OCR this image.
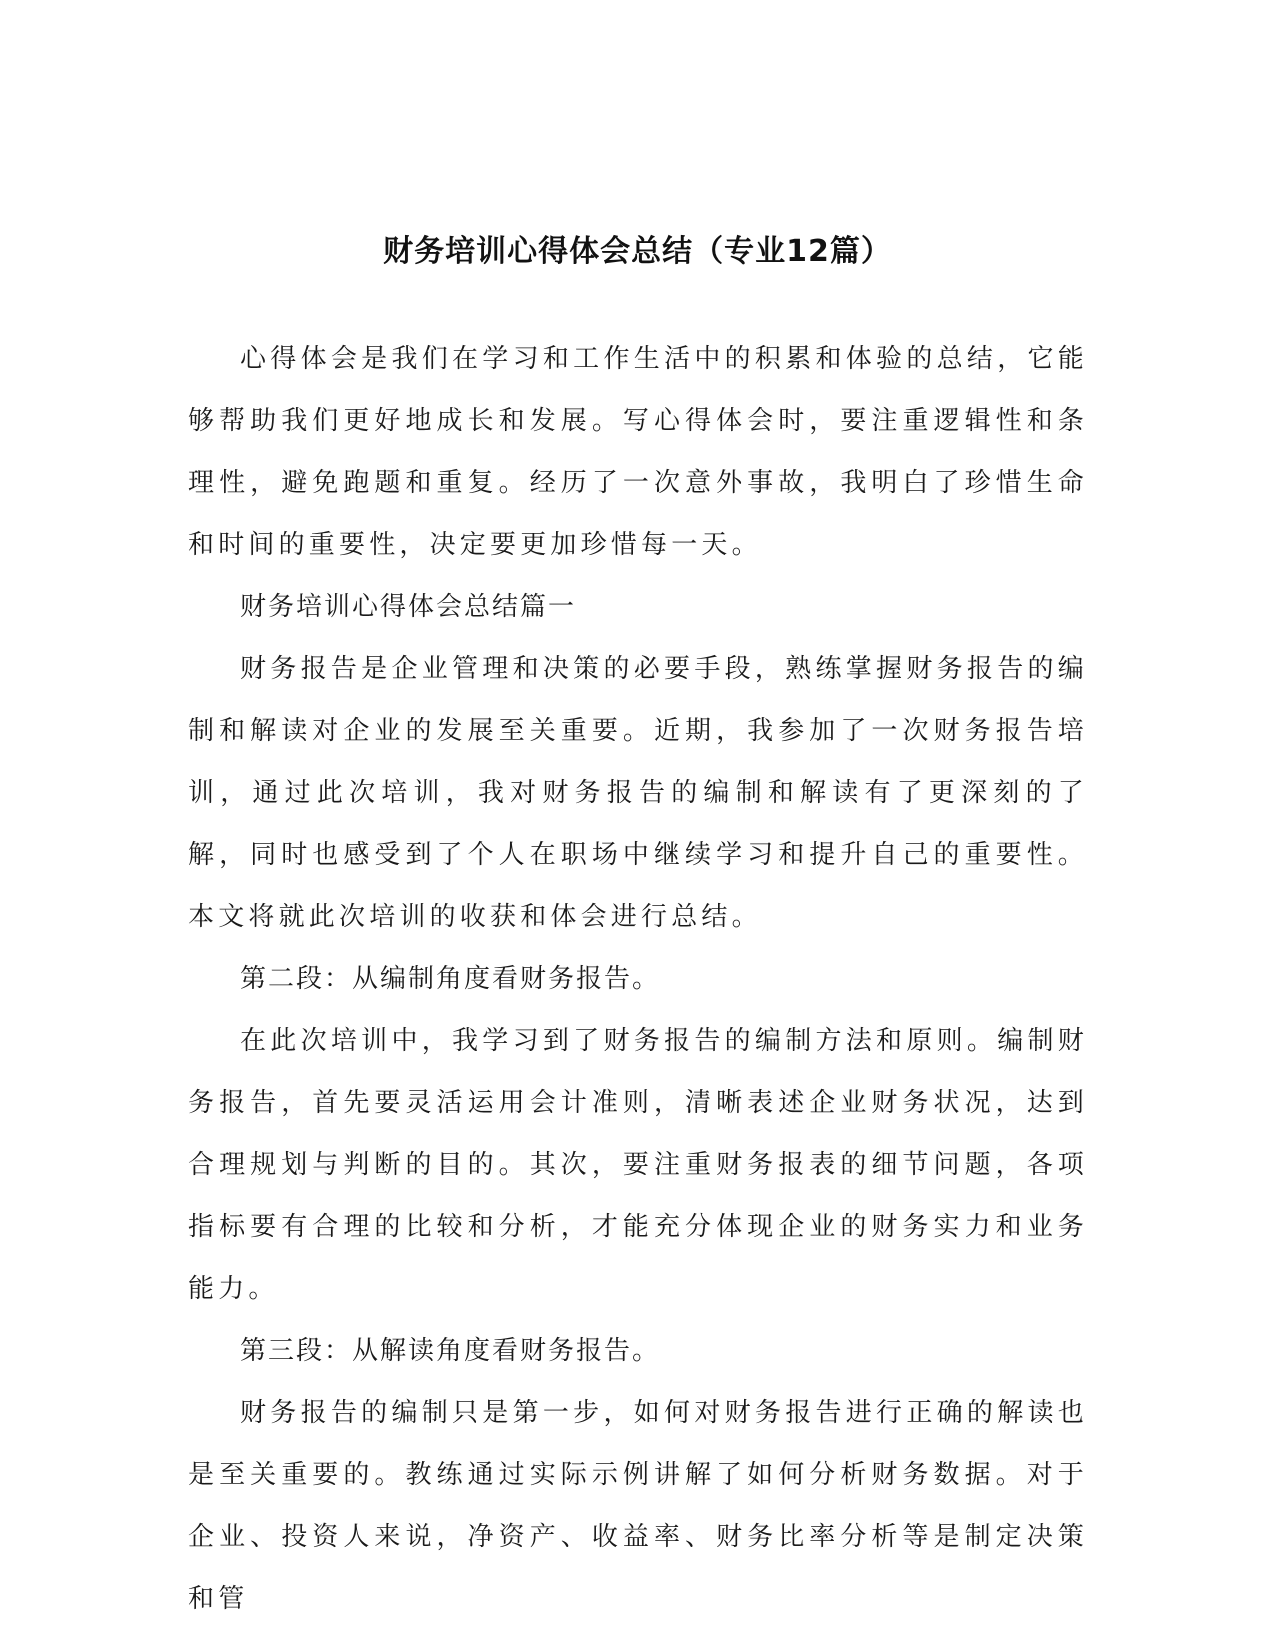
财务培训心得体会总结（专业12篇）

心得体会是我们在学习和工作生活中的积累和体验的总结，它能够帮助我们更好地成长和发展。写心得体会时，要注重逻辑性和条理性，避免跑题和重复。经历了一次意外事故，我明白了珍惜生命和时间的重要性，决定要更加珍惜每一天。

财务培训心得体会总结篇一

财务报告是企业管理和决策的必要手段，熟练掌握财务报告的编制和解读对企业的发展至关重要。近期，我参加了一次财务报告培训，通过此次培训，我对财务报告的编制和解读有了更深刻的了解，同时也感受到了个人在职场中继续学习和提升自己的重要性。本文将就此次培训的收获和体会进行总结。

第二段：从编制角度看财务报告。

在此次培训中，我学习到了财务报告的编制方法和原则。编制财务报告，首先要灵活运用会计准则，清晰表述企业财务状况，达到合理规划与判断的目的。其次，要注重财务报表的细节问题，各项指标要有合理的比较和分析，才能充分体现企业的财务实力和业务能力。

第三段：从解读角度看财务报告。

财务报告的编制只是第一步，如何对财务报告进行正确的解读也是至关重要的。教练通过实际示例讲解了如何分析财务数据。对于企业、投资人来说，净资产、收益率、财务比率分析等是制定决策和管
